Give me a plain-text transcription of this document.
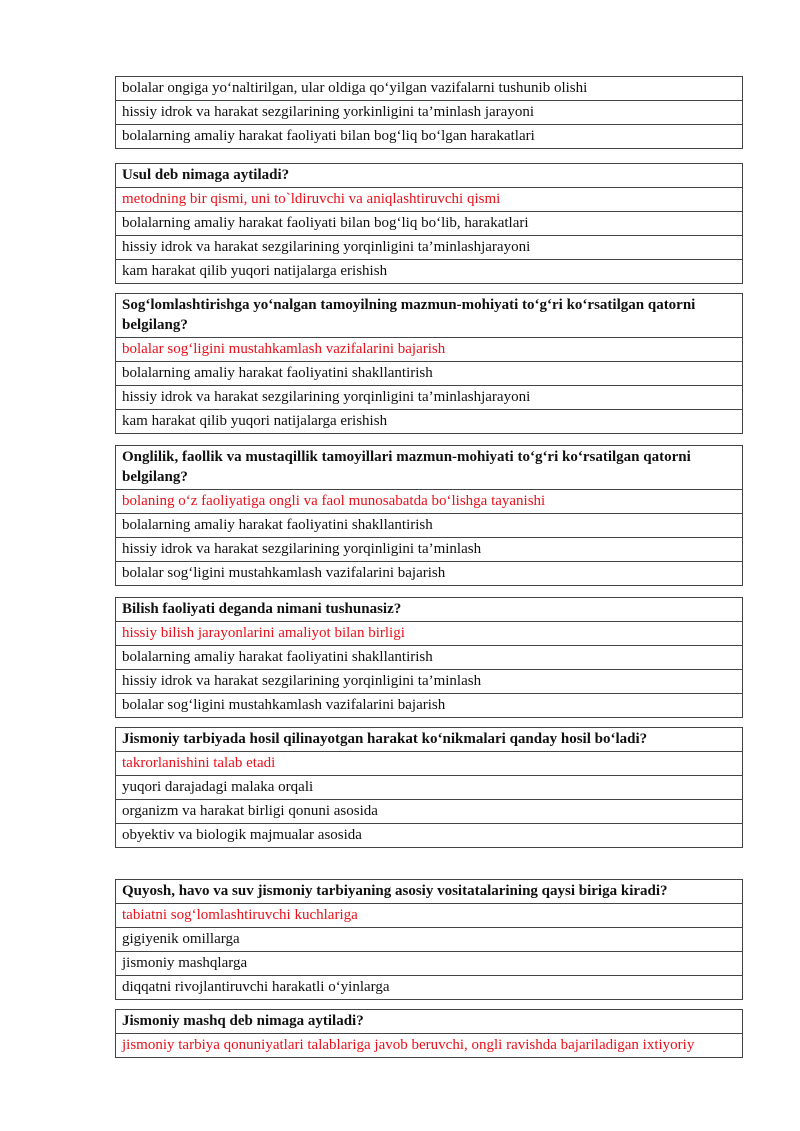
bolalar ongiga yo‘naltirilgan, ular oldiga qo‘yilgan vazifalarni tushunib olishi
hissiy idrok va harakat sezgilarining yorkinligini ta’minlash jarayoni
bolalarning amaliy harakat faoliyati bilan bog‘liq bo‘lgan harakatlari
Usul deb nimaga aytiladi?
metodning bir qismi, uni to`ldiruvchi va aniqlashtiruvchi qismi
bolalarning amaliy harakat faoliyati bilan bog‘liq bo‘lib, harakatlari
hissiy idrok va harakat sezgilarining yorqinligini ta’minlashjarayoni
kam harakat qilib yuqori natijalarga erishish
Sog‘lomlashtirishga yo‘nalgan tamoyilning mazmun-mohiyati to‘g‘ri ko‘rsatilgan qatorni belgilang?
bolalar sog‘ligini mustahkamlash vazifalarini bajarish
bolalarning amaliy harakat faoliyatini shakllantirish
hissiy idrok va harakat sezgilarining yorqinligini ta’minlashjarayoni
kam harakat qilib yuqori natijalarga erishish
Onglilik, faollik va mustaqillik tamoyillari mazmun-mohiyati to‘g‘ri ko‘rsatilgan qatorni belgilang?
bolaning o‘z faoliyatiga ongli va faol munosabatda bo‘lishga tayanishi
bolalarning amaliy harakat faoliyatini shakllantirish
hissiy idrok va harakat sezgilarining yorqinligini ta’minlash
bolalar sog‘ligini mustahkamlash vazifalarini bajarish
Bilish faoliyati deganda nimani tushunasiz?
hissiy bilish jarayonlarini amaliyot bilan birligi
bolalarning amaliy harakat faoliyatini shakllantirish
hissiy idrok va harakat sezgilarining yorqinligini ta’minlash
bolalar sog‘ligini mustahkamlash vazifalarini bajarish
Jismoniy tarbiyada hosil qilinayotgan harakat ko‘nikmalari qanday hosil bo‘ladi?
takrorlanishini talab etadi
yuqori darajadagi malaka orqali
organizm va harakat birligi qonuni asosida
obyektiv va biologik majmualar asosida
Quyosh, havo va suv jismoniy tarbiyaning asosiy vositatalarining qaysi biriga kiradi?
tabiatni sog‘lomlashtiruvchi kuchlariga
gigiyenik omillarga
jismoniy mashqlarga
diqqatni rivojlantiruvchi harakatli o‘yinlarga
Jismoniy mashq deb nimaga aytiladi?
jismoniy tarbiya qonuniyatlari talablariga javob beruvchi, ongli ravishda bajariladigan ixtiyoriy
